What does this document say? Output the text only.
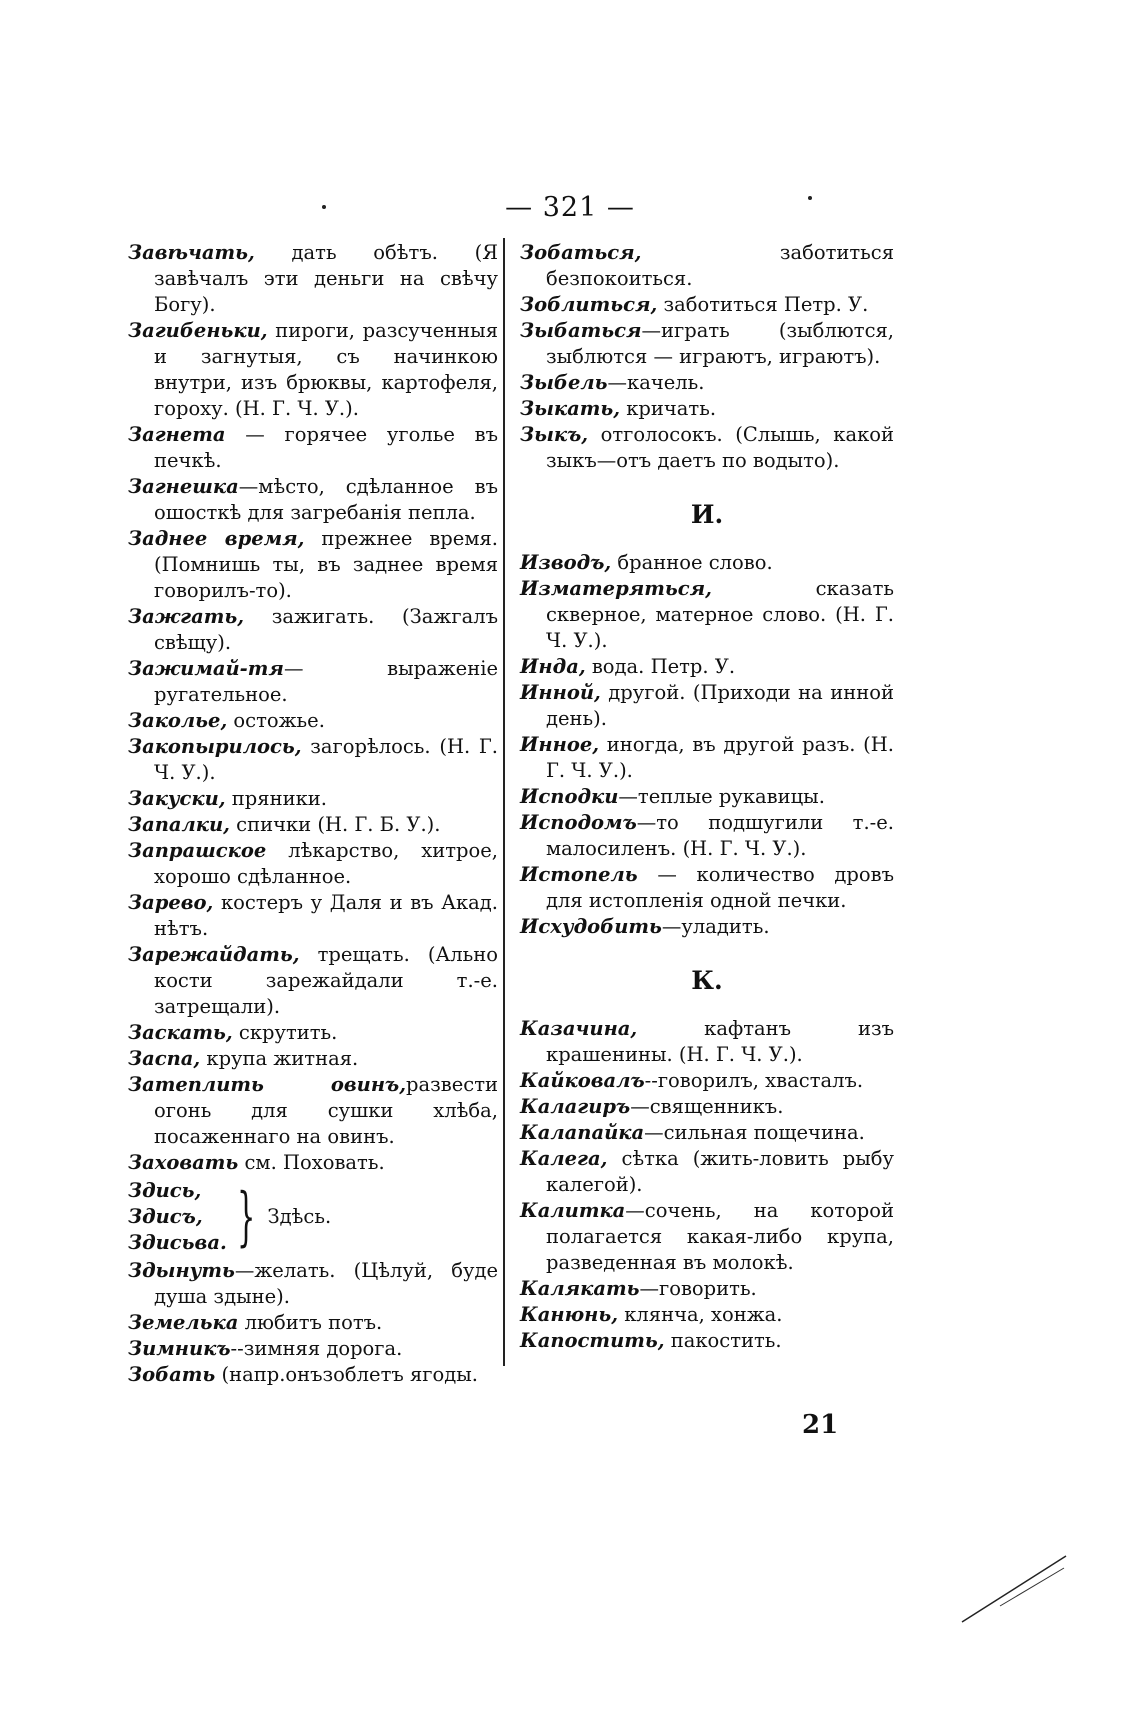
— 321 —

Завѣчать, дать обѣтъ. (Я завѣчалъ эти деньги на свѣчу Богу).

Загибеньки, пироги, разсученныя и загнутыя, съ начинкою внутри, изъ брюквы, картофеля, гороху. (Н. Г. Ч. У.).

Загнета — горячее уголье въ печкѣ.

Загнешка—мѣсто, сдѣланное въ ошосткѣ для загребанія пепла.

Заднее время, прежнее время. (Помнишь ты, въ заднее время говорилъ-то).

Зажгать, зажигать. (Зажгалъ свѣщу).

Зажимай-тя— выраженіе ругательное.

Заколье, остожье.

Закопырилось, загорѣлось. (Н. Г. Ч. У.).

Закуски, пряники.

Запалки, спички (Н. Г. Б. У.).

Запрашское лѣкарство, хитрое, хорошо сдѣланное.

Зарево, костеръ у Даля и въ Акад. нѣтъ.

Зарежайдать, трещать. (Ально кости зарежайдали т.-е. затрещали).

Заскать, скрутить.

Заспа, крупа житная.

Затеплить овинъ,развести огонь для сушки хлѣба, посаженнаго на овинъ.

Заховать см. Поховать.

Здись,
Здисъ,
Здисьва. } Здѣсь.

Здынуть—желать. (Цѣлуй, буде душа здыне).

Земелька любитъ потъ.

Зимникъ--зимняя дорога.

Зобать (напр.онъзоблетъ ягоды.

Зобаться, заботиться безпокоиться.

Зоблиться, заботиться Петр. У.

Зыбаться—играть (зыблются, зыблются — играютъ, играютъ).

Зыбель—качель.

Зыкать, кричать.

Зыкъ, отголосокъ. (Слышь, какой зыкъ—отъ даетъ по водыто).

И.

Изводъ, бранное слово.

Изматеряться, сказать скверное, матерное слово. (Н. Г. Ч. У.).

Инда, вода. Петр. У.

Инной, другой. (Приходи на инной день).

Инное, иногда, въ другой разъ. (Н. Г. Ч. У.).

Исподки—теплые рукавицы.

Исподомъ—то подшугили т.-е. малосиленъ. (Н. Г. Ч. У.).

Истопель — количество дровъ для истопленія одной печки.

Исхудобить—уладить.

К.

Казачина, кафтанъ изъ крашенины. (Н. Г. Ч. У.).

Кайковалъ--говорилъ, хвасталъ.

Калагиръ—священникъ.

Калапайка—сильная пощечина.

Калега, сѣтка (жить-ловить рыбу калегой).

Калитка—сочень, на которой полагается какая-либо крупа, разведенная въ молокѣ.

Калякать—говорить.

Канюнь, клянча, хонжа.

Капостить, пакостить.

21
